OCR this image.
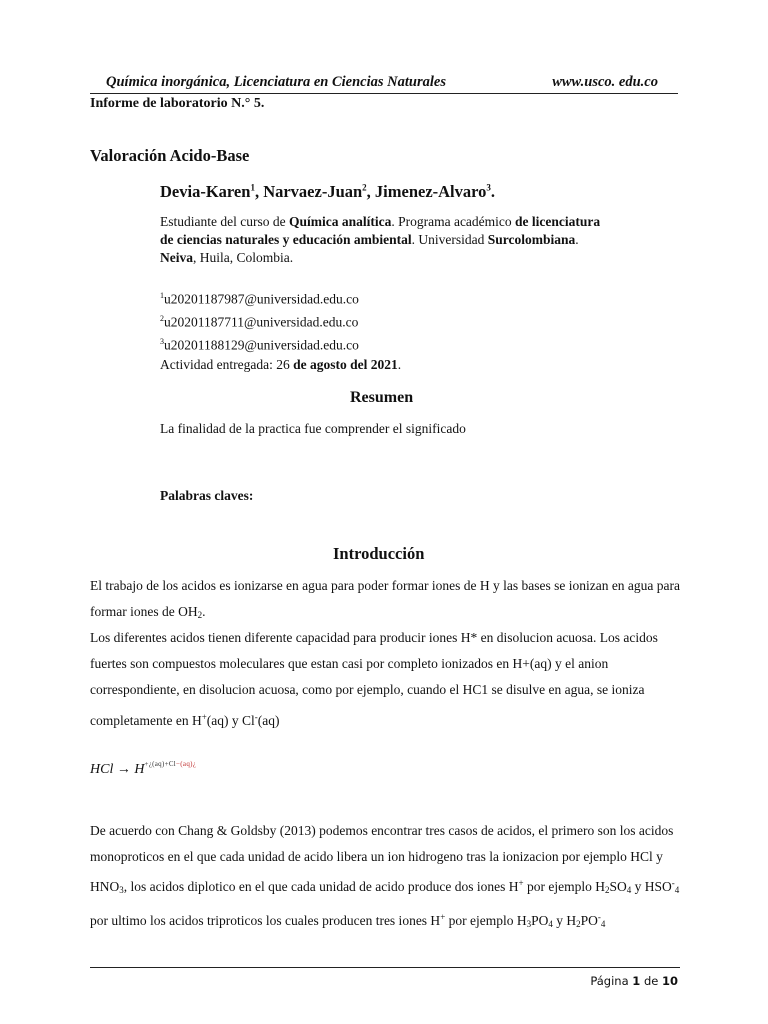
Química inorgánica, Licenciatura en Ciencias Naturales	www.usco. edu.co
Informe de laboratorio N.° 5.
Valoración Acido-Base
Devia-Karen$^1$, Narvaez-Juan$^2$, Jimenez-Alvaro$^3$.
Estudiante del curso de Química analítica. Programa académico de licenciatura de ciencias naturales y educación ambiental. Universidad Surcolombiana. Neiva, Huila, Colombia.
$^1$u20201187987@universidad.edu.co
$^2$u20201187711@universidad.edu.co
$^3$u20201188129@universidad.edu.co
Actividad entregada: 26 de agosto del 2021.
Resumen
La finalidad de la practica fue comprender el significado
Palabras claves:
Introducción
El trabajo de los acidos es ionizarse en agua para poder formar iones de H y las bases se ionizan en agua para formar iones de $OH_2$.
Los diferentes acidos tienen diferente capacidad para producir iones H* en disolucion acuosa. Los acidos fuertes son compuestos moleculares que estan casi por completo ionizados en H+(aq) y el anion correspondiente, en disolucion acuosa, como por ejemplo, cuando el HC1 se disulve en agua, se ioniza completamente en H+(aq) y Cl-(aq)
HCl → $H^{+¿(aq)+Cl-(aq)¿}$
De acuerdo con Chang & Goldsby (2013) podemos encontrar tres casos de acidos, el primero son los acidos monoproticos en el que cada unidad de acido libera un ion hidrogeno tras la ionizacion por ejemplo HCl y $HNO_3$, los acidos diplotico en el que cada unidad de acido produce dos iones H+ por ejemplo $H_2SO_4$ y $HSO^-_4$ por ultimo los acidos triproticos los cuales producen tres iones H+ por ejemplo $H_3PO_4$ y $H_2PO^-_4$
Página 1 de 10
